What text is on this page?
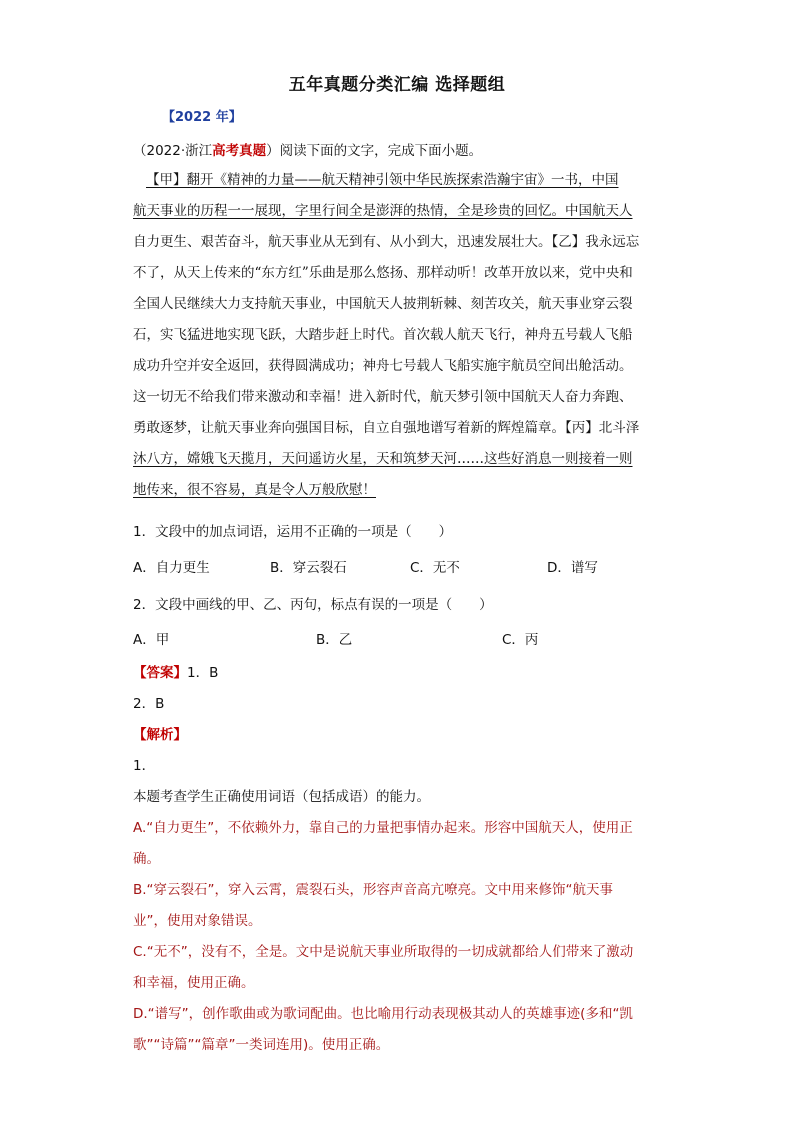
五年真题分类汇编 选择题组
【2022 年】
（2022·浙江高考真题）阅读下面的文字，完成下面小题。
【甲】翻开《精神的力量——航天精神引领中华民族探索浩瀚宇宙》一书，中国
航天事业的历程一一展现，字里行间全是澎湃的热情，全是珍贵的回忆。中国航天人
自力更生、艰苦奋斗，航天事业从无到有、从小到大，迅速发展壮大。【乙】我永远忘
不了，从天上传来的“东方红”乐曲是那么悠扬、那样动听！改革开放以来，党中央和
全国人民继续大力支持航天事业，中国航天人披荆斩棘、刻苦攻关，航天事业穿云裂
石，实飞猛进地实现飞跃，大踏步赶上时代。首次载人航天飞行，神舟五号载人飞船
成功升空并安全返回，获得圆满成功；神舟七号载人飞船实施宇航员空间出舱活动。
这一切无不给我们带来激动和幸福！进入新时代，航天梦引领中国航天人奋力奔跑、
勇敢逐梦，让航天事业奔向强国目标，自立自强地谱写着新的辉煌篇章。【丙】北斗泽
沐八方，嫦娥飞天揽月，天问遥访火星，天和筑梦天河……这些好消息一则接着一则
地传来，很不容易，真是令人万般欣慰！
1．文段中的加点词语，运用不正确的一项是（　　）
A．自力更生	B．穿云裂石	C．无不	D．谱写
2．文段中画线的甲、乙、丙句，标点有误的一项是（　　）
A．甲	B．乙	C．丙
【答案】1．B
2．B
【解析】
1．
本题考查学生正确使用词语（包括成语）的能力。
A.“自力更生”，不依赖外力，靠自己的力量把事情办起来。形容中国航天人，使用正
确。
B.“穿云裂石”，穿入云霄，震裂石头，形容声音高亢嘹亮。文中用来修饰“航天事
业”，使用对象错误。
C.“无不”，没有不，全是。文中是说航天事业所取得的一切成就都给人们带来了激动
和幸福，使用正确。
D.“谱写”，创作歌曲或为歌词配曲。也比喻用行动表现极其动人的英雄事迹(多和“凯
歌”“诗篇”“篇章”一类词连用)。使用正确。
